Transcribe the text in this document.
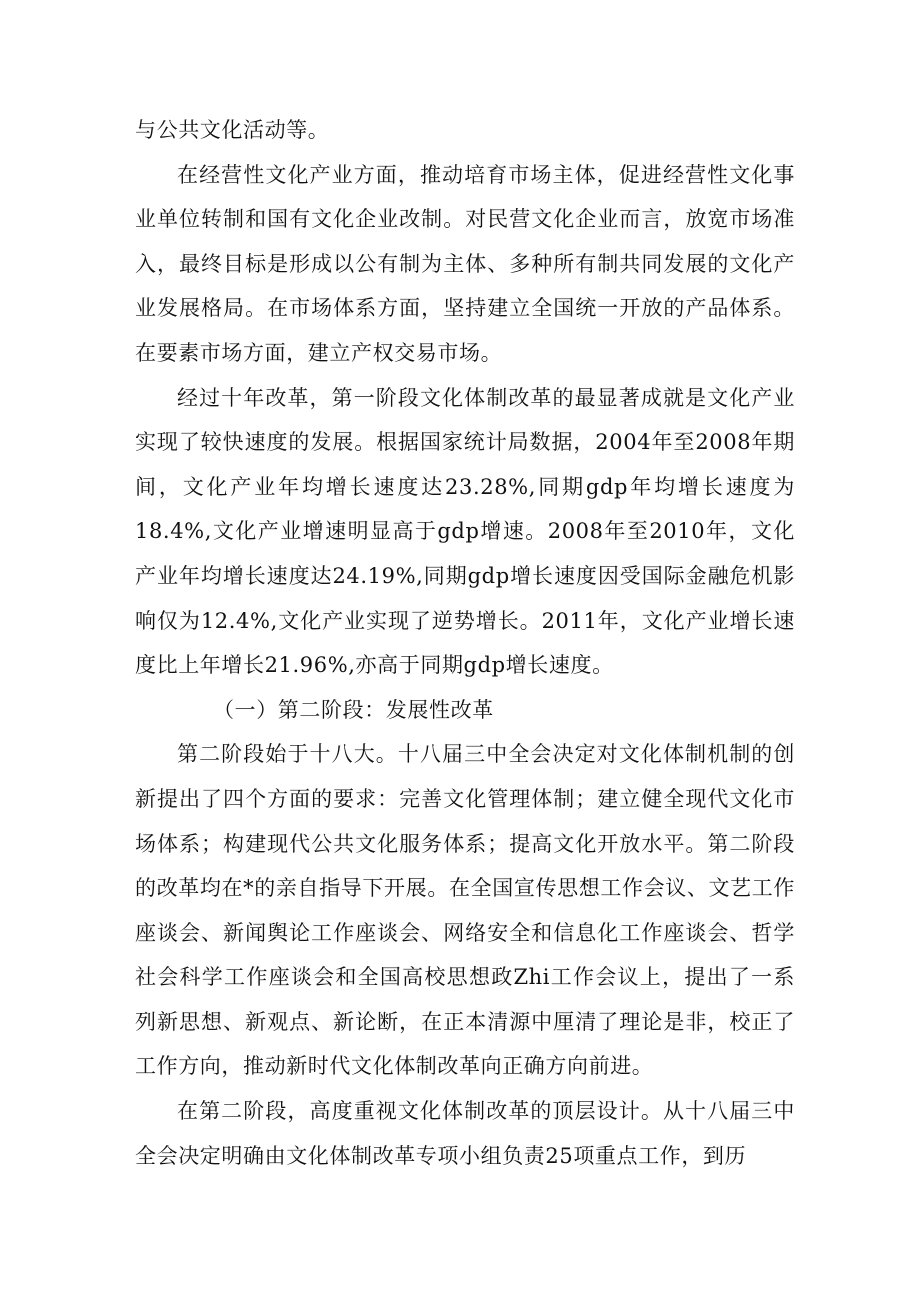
与公共文化活动等。

在经营性文化产业方面，推动培育市场主体，促进经营性文化事业单位转制和国有文化企业改制。对民营文化企业而言，放宽市场准入，最终目标是形成以公有制为主体、多种所有制共同发展的文化产业发展格局。在市场体系方面，坚持建立全国统一开放的产品体系。在要素市场方面，建立产权交易市场。

经过十年改革，第一阶段文化体制改革的最显著成就是文化产业实现了较快速度的发展。根据国家统计局数据，2004年至2008年期间，文化产业年均增长速度达23.28%,同期gdp年均增长速度为18.4%,文化产业增速明显高于gdp增速。2008年至2010年，文化产业年均增长速度达24.19%,同期gdp增长速度因受国际金融危机影响仅为12.4%,文化产业实现了逆势增长。2011年，文化产业增长速度比上年增长21.96%,亦高于同期gdp增长速度。

（一）第二阶段：发展性改革

第二阶段始于十八大。十八届三中全会决定对文化体制机制的创新提出了四个方面的要求：完善文化管理体制；建立健全现代文化市场体系；构建现代公共文化服务体系；提高文化开放水平。第二阶段的改革均在*的亲自指导下开展。在全国宣传思想工作会议、文艺工作座谈会、新闻舆论工作座谈会、网络安全和信息化工作座谈会、哲学社会科学工作座谈会和全国高校思想政Zhi工作会议上，提出了一系列新思想、新观点、新论断，在正本清源中厘清了理论是非，校正了工作方向，推动新时代文化体制改革向正确方向前进。

在第二阶段，高度重视文化体制改革的顶层设计。从十八届三中全会决定明确由文化体制改革专项小组负责25项重点工作，到历
